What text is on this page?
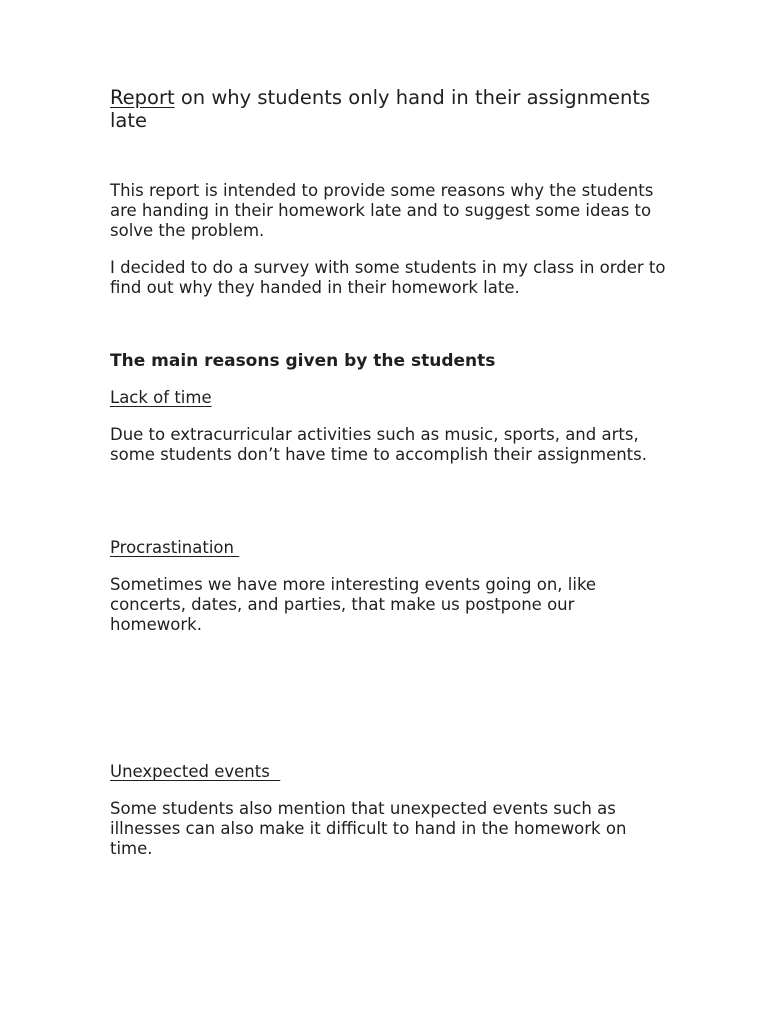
Report on why students only hand in their assignments late

This report is intended to provide some reasons why the students are handing in their homework late and to suggest some ideas to solve the problem.

I decided to do a survey with some students in my class in order to find out why they handed in their homework late.

The main reasons given by the students

Lack of time

Due to extracurricular activities such as music, sports, and arts, some students don’t have time to accomplish their assignments.

Procrastination

Sometimes we have more interesting events going on, like concerts, dates, and parties, that make us postpone our homework.

Unexpected events

Some students also mention that unexpected events such as illnesses can also make it difficult to hand in the homework on time.
